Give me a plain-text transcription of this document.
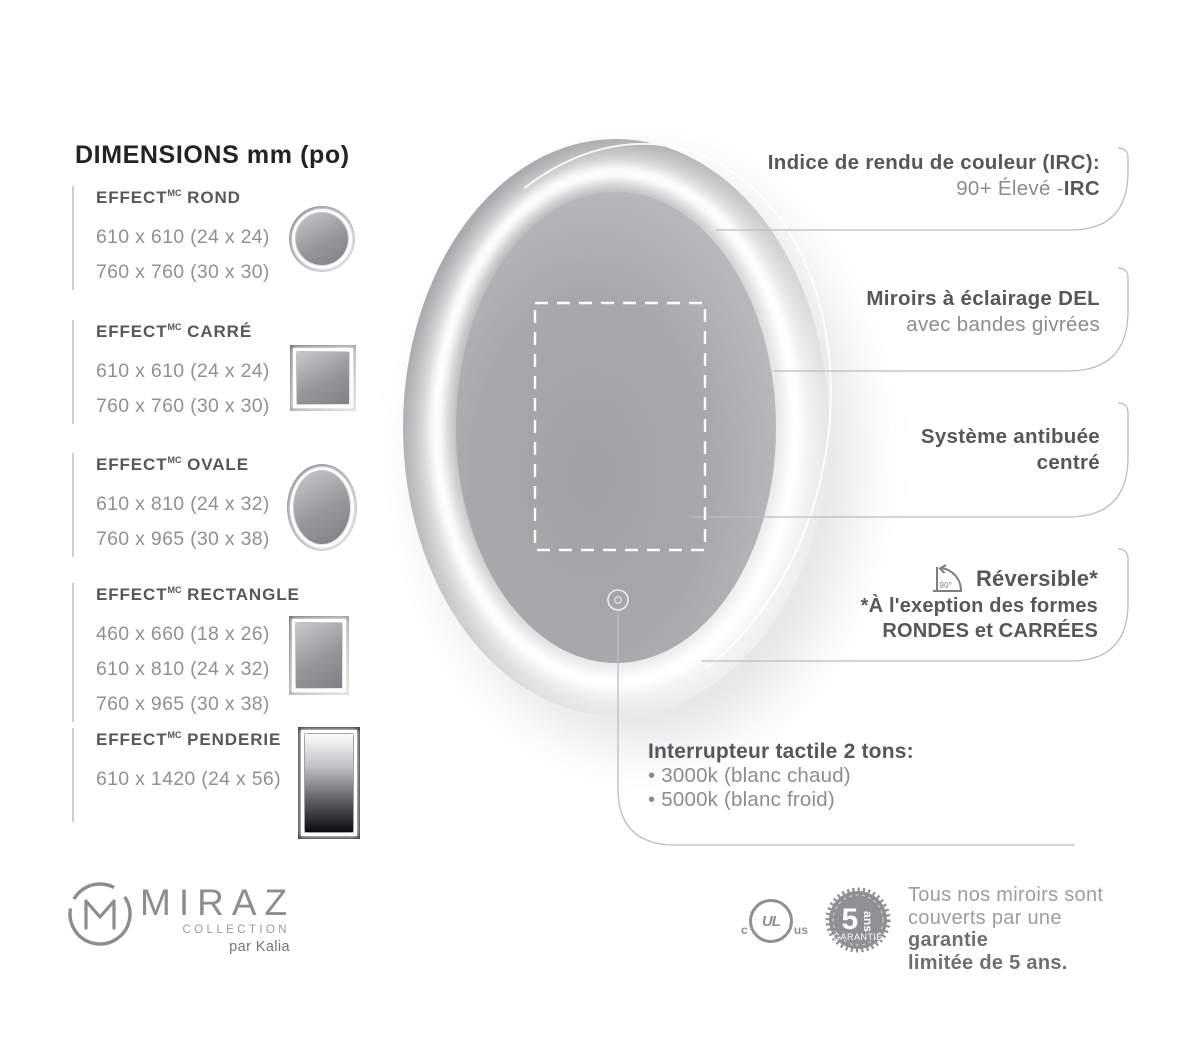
DIMENSIONS mm (po)
$EFFECT^{MC}$ ROND
610 x 610 (24 x 24)
760 x 760 (30 x 30)
$EFFECT^{MC}$ CARRÉ
610 x 610 (24 x 24)
760 x 760 (30 x 30)
$EFFECT^{MC}$ OVALE
610 x 810 (24 x 32)
760 x 965 (30 x 38)
$EFFECT^{MC}$ RECTANGLE
460 x 660 (18 x 26)
610 x 810 (24 x 32)
760 x 965 (30 x 38)
$EFFECT^{MC}$ PENDERIE
610 x 1420 (24 x 56)
Indice de rendu de couleur (IRC):
90+ Élevé -IRC
Miroirs à éclairage DEL
avec bandes givrées
Système antibuée
centré
90° Réversible*
*À l'exeption des formes
RONDES et CARRÉES
Interrupteur tactile 2 tons:
• 3000k (blanc chaud)
• 5000k (blanc froid)
MIRAZ
COLLECTION
par Kalia
c
UL
us 5 ans
GARANTIE
Tous nos miroirs sont
couverts par une garantie
limitée de 5 ans.
